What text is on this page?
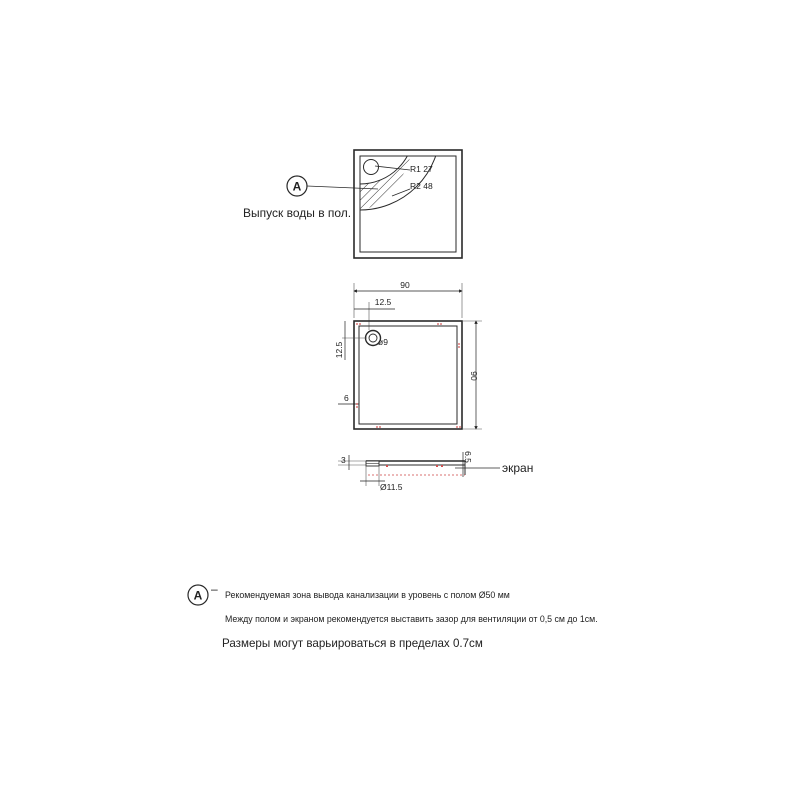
R1 27
R2 48
A
Выпуск воды в пол.
90
12.5
ø9
12.5
6
90
3	6.5
Ø11.5
экран
A – Рекомендуемая зона вывода канализации в уровень с полом Ø50 мм
Между полом и экраном рекомендуется выставить зазор для вентиляции от 0,5 см до 1см.
Размеры могут варьироваться в пределах 0.7см
